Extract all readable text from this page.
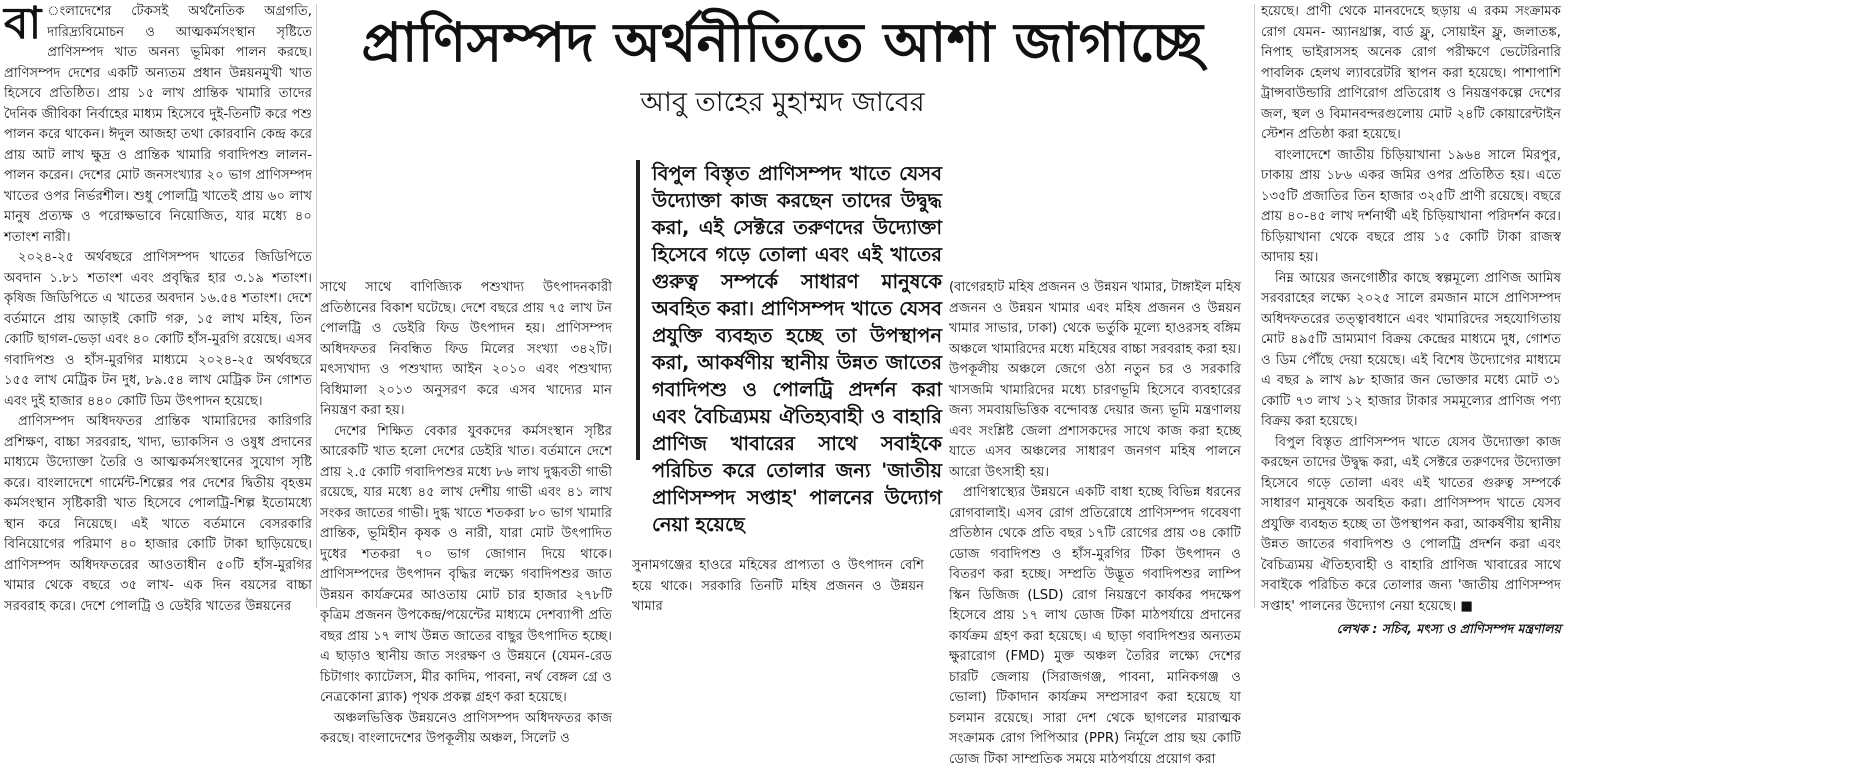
বা ংলাদেশের টেকসই অর্থনৈতিক অগ্রগতি, দারিদ্র্যবিমোচন ও আত্মকর্মসংস্থান সৃষ্টিতে প্রাণিসম্পদ খাত অনন্য ভূমিকা পালন করছে। প্রাণিসম্পদ দেশের একটি অন্যতম প্রধান উন্নয়নমুখী খাত হিসেবে প্রতিষ্ঠিত। প্রায় ১৫ লাখ প্রান্তিক খামারি তাদের দৈনিক জীবিকা নির্বাহের মাধ্যম হিসেবে দুই-তিনটি করে পশু পালন করে থাকেন। ঈদুল আজহা তথা কোরবানি কেন্দ্র করে প্রায় আট লাখ ক্ষুদ্র ও প্রান্তিক খামারি গবাদিপশু লালন-পালন করেন। দেশের মোট জনসংখ্যার ২০ ভাগ প্রাণিসম্পদ খাতের ওপর নির্ভরশীল। শুধু পোলট্রি খাতেই প্রায় ৬০ লাখ মানুষ প্রত্যক্ষ ও পরোক্ষভাবে নিয়োজিত, যার মধ্যে ৪০ শতাংশ নারী।

২০২৪-২৫ অর্থবছরে প্রাণিসম্পদ খাতের জিডিপিতে অবদান ১.৮১ শতাংশ এবং প্রবৃদ্ধির হার ৩.১৯ শতাংশ। কৃষিজ জিডিপিতে এ খাতের অবদান ১৬.৫৪ শতাংশ। দেশে বর্তমানে প্রায় আড়াই কোটি গরু, ১৫ লাখ মহিষ, তিন কোটি ছাগল-ভেড়া এবং ৪০ কোটি হাঁস-মুরগি রয়েছে। এসব গবাদিপশু ও হাঁস-মুরগির মাধ্যমে ২০২৪-২৫ অর্থবছরে ১৫৫ লাখ মেট্রিক টন দুধ, ৮৯.৫৪ লাখ মেট্রিক টন গোশত এবং দুই হাজার ৪৪০ কোটি ডিম উৎপাদন হয়েছে।

প্রাণিসম্পদ অধিদফতর প্রান্তিক খামারিদের কারিগরি প্রশিক্ষণ, বাচ্চা সরবরাহ, খাদ্য, ভ্যাকসিন ও ওষুধ প্রদানের মাধ্যমে উদ্যোক্তা তৈরি ও আত্মকর্মসংস্থানের সুযোগ সৃষ্টি করে। বাংলাদেশে গার্মেন্ট-শিল্পের পর দেশের দ্বিতীয় বৃহত্তম কর্মসংস্থান সৃষ্টিকারী খাত হিসেবে পোলট্রি-শিল্প ইতোমধ্যে স্থান করে নিয়েছে। এই খাতে বর্তমানে বেসরকারি বিনিয়োগের পরিমাণ ৪০ হাজার কোটি টাকা ছাড়িয়েছে। প্রাণিসম্পদ অধিদফতরের আওতাধীন ৫০টি হাঁস-মুরগির খামার থেকে বছরে ৩৫ লাখ- এক দিন বয়সের বাচ্চা সরবরাহ করে। দেশে পোলট্রি ও ডেইরি খাতের উন্নয়নের

প্রাণিসম্পদ অর্থনীতিতে আশা জাগাচ্ছে
আবু তাহের মুহাম্মদ জাবের

সাথে সাথে বাণিজ্যিক পশুখাদ্য উৎপাদনকারী প্রতিষ্ঠানের বিকাশ ঘটেছে। দেশে বছরে প্রায় ৭৫ লাখ টন পোলট্রি ও ডেইরি ফিড উৎপাদন হয়। প্রাণিসম্পদ অধিদফতর নিবন্ধিত ফিড মিলের সংখ্যা ৩৪২টি। মৎস্যখাদ্য ও পশুখাদ্য আইন ২০১০ এবং পশুখাদ্য বিধিমালা ২০১৩ অনুসরণ করে এসব খাদ্যের মান নিয়ন্ত্রণ করা হয়।

দেশের শিক্ষিত বেকার যুবকদের কর্মসংস্থান সৃষ্টির আরেকটি খাত হলো দেশের ডেইরি খাত। বর্তমানে দেশে প্রায় ২.৫ কোটি গবাদিপশুর মধ্যে ৮৬ লাখ দুগ্ধবতী গাভী রয়েছে, যার মধ্যে ৪৫ লাখ দেশীয় গাভী এবং ৪১ লাখ সংকর জাতের গাভী। দুগ্ধ খাতে শতকরা ৮০ ভাগ খামারি প্রান্তিক, ভূমিহীন কৃষক ও নারী, যারা মোট উৎপাদিত দুধের শতকরা ৭০ ভাগ জোগান দিয়ে থাকে। প্রাণিসম্পদের উৎপাদন বৃদ্ধির লক্ষ্যে গবাদিপশুর জাত উন্নয়ন কার্যক্রমের আওতায় মোট চার হাজার ২৭৮টি কৃত্রিম প্রজনন উপকেন্দ্র/পয়েন্টের মাধ্যমে দেশব্যাপী প্রতি বছর প্রায় ১৭ লাখ উন্নত জাতের বাছুর উৎপাদিত হচ্ছে। এ ছাড়াও স্থানীয় জাত সংরক্ষণ ও উন্নয়নে (যেমন-রেড চিটাগাং ক্যাটেলস, মীর কাদিম, পাবনা, নর্থ বেঙ্গল গ্রে ও নেত্রকোনা ব্ল্যাক) পৃথক প্রকল্প গ্রহণ করা হয়েছে।

অঞ্চলভিত্তিক উন্নয়নেও প্রাণিসম্পদ অধিদফতর কাজ করছে। বাংলাদেশের উপকূলীয় অঞ্চল, সিলেট ও

বিপুল বিস্তৃত প্রাণিসম্পদ খাতে যেসব উদ্যোক্তা কাজ করছেন তাদের উদ্বুদ্ধ করা, এই সেক্টরে তরুণদের উদ্যোক্তা হিসেবে গড়ে তোলা এবং এই খাতের গুরুত্ব সম্পর্কে সাধারণ মানুষকে অবহিত করা। প্রাণিসম্পদ খাতে যেসব প্রযুক্তি ব্যবহৃত হচ্ছে তা উপস্থাপন করা, আকর্ষণীয় স্থানীয় উন্নত জাতের গবাদিপশু ও পোলট্রি প্রদর্শন করা এবং বৈচিত্র্যময় ঐতিহ্যবাহী ও বাহারি প্রাণিজ খাবারের সাথে সবাইকে পরিচিত করে তোলার জন্য 'জাতীয় প্রাণিসম্পদ সপ্তাহ' পালনের উদ্যোগ নেয়া হয়েছে

সুনামগঞ্জের হাওরে মহিষের প্রাপ্যতা ও উৎপাদন বেশি হয়ে থাকে। সরকারি তিনটি মহিষ প্রজনন ও উন্নয়ন খামার

(বাগেরহাট মহিষ প্রজনন ও উন্নয়ন খামার, টাঙ্গাইল মহিষ প্রজনন ও উন্নয়ন খামার এবং মহিষ প্রজনন ও উন্নয়ন খামার সাভার, ঢাকা) থেকে ভর্তুকি মূল্যে হাওরসহ বঙ্গিম অঞ্চলে খামারিদের মধ্যে মহিষের বাচ্চা সরবরাহ করা হয়। উপকূলীয় অঞ্চলে জেগে ওঠা নতুন চর ও সরকারি খাসজমি খামারিদের মধ্যে চারণভূমি হিসেবে ব্যবহারের জন্য সমবায়ভিত্তিক বন্দোবস্ত দেয়ার জন্য ভূমি মন্ত্রণালয় এবং সংশ্লিষ্ট জেলা প্রশাসকদের সাথে কাজ করা হচ্ছে যাতে এসব অঞ্চলের সাধারণ জনগণ মহিষ পালনে আরো উৎসাহী হয়।

প্রাণিস্বাস্থ্যের উন্নয়নে একটি বাধা হচ্ছে বিভিন্ন ধরনের রোগবালাই। এসব রোগ প্রতিরোধে প্রাণিসম্পদ গবেষণা প্রতিষ্ঠান থেকে প্রতি বছর ১৭টি রোগের প্রায় ৩৪ কোটি ডোজ গবাদিপশু ও হাঁস-মুরগির টিকা উৎপাদন ও বিতরণ করা হচ্ছে। সম্প্রতি উদ্ভূত গবাদিপশুর লাম্পি স্কিন ডিজিজ (LSD) রোগ নিয়ন্ত্রণে কার্যকর পদক্ষেপ হিসেবে প্রায় ১৭ লাখ ডোজ টিকা মাঠপর্যায়ে প্রদানের কার্যক্রম গ্রহণ করা হয়েছে। এ ছাড়া গবাদিপশুর অন্যতম ক্ষুরারোগ (FMD) মুক্ত অঞ্চল তৈরির লক্ষ্যে দেশের চারটি জেলায় (সিরাজগঞ্জ, পাবনা, মানিকগঞ্জ ও ভোলা) টিকাদান কার্যক্রম সম্প্রসারণ করা হয়েছে যা চলমান রয়েছে। সারা দেশ থেকে ছাগলের মারাত্মক সংক্রামক রোগ পিপিআর (PPR) নির্মূলে প্রায় ছয় কোটি ডোজ টিকা সাম্প্রতিক সময়ে মাঠপর্যায়ে প্রয়োগ করা

হয়েছে। প্রাণী থেকে মানবদেহে ছড়ায় এ রকম সংক্রামক রোগ যেমন- অ্যানথ্রাক্স, বার্ড ফ্লু, সোয়াইন ফ্লু, জলাতঙ্ক, নিপাহ ভাইরাসসহ অনেক রোগ পরীক্ষণে ভেটেরিনারি পাবলিক হেলথ ল্যাবরেটরি স্থাপন করা হয়েছে। পাশাপাশি ট্রান্সবাউন্ডারি প্রাণিরোগ প্রতিরোধ ও নিয়ন্ত্রণকল্পে দেশের জল, স্থল ও বিমানবন্দরগুলোয় মোট ২৪টি কোয়ারেন্টাইন স্টেশন প্রতিষ্ঠা করা হয়েছে।

বাংলাদেশে জাতীয় চিড়িয়াখানা ১৯৬৪ সালে মিরপুর, ঢাকায় প্রায় ১৮৬ একর জমির ওপর প্রতিষ্ঠিত হয়। এতে ১৩৫টি প্রজাতির তিন হাজার ৩২৫টি প্রাণী রয়েছে। বছরে প্রায় ৪০-৪৫ লাখ দর্শনার্থী এই চিড়িয়াখানা পরিদর্শন করে। চিড়িয়াখানা থেকে বছরে প্রায় ১৫ কোটি টাকা রাজস্ব আদায় হয়।

নিম্ন আয়ের জনগোষ্ঠীর কাছে স্বল্পমূল্যে প্রাণিজ আমিষ সরবরাহের লক্ষ্যে ২০২৫ সালে রমজান মাসে প্রাণিসম্পদ অধিদফতরের তত্ত্বাবধানে এবং খামারিদের সহযোগিতায় মোট ৪৯৫টি ভ্রাম্যমাণ বিক্রয় কেন্দ্রের মাধ্যমে দুধ, গোশত ও ডিম পৌঁছে দেয়া হয়েছে। এই বিশেষ উদ্যোগের মাধ্যমে এ বছর ৯ লাখ ৯৮ হাজার জন ভোক্তার মধ্যে মোট ৩১ কোটি ৭৩ লাখ ১২ হাজার টাকার সমমূল্যের প্রাণিজ পণ্য বিক্রয় করা হয়েছে।

বিপুল বিস্তৃত প্রাণিসম্পদ খাতে যেসব উদ্যোক্তা কাজ করছেন তাদের উদ্বুদ্ধ করা, এই সেক্টরে তরুণদের উদ্যোক্তা হিসেবে গড়ে তোলা এবং এই খাতের গুরুত্ব সম্পর্কে সাধারণ মানুষকে অবহিত করা। প্রাণিসম্পদ খাতে যেসব প্রযুক্তি ব্যবহৃত হচ্ছে তা উপস্থাপন করা, আকর্ষণীয় স্থানীয় উন্নত জাতের গবাদিপশু ও পোলট্রি প্রদর্শন করা এবং বৈচিত্র্যময় ঐতিহ্যবাহী ও বাহারি প্রাণিজ খাবারের সাথে সবাইকে পরিচিত করে তোলার জন্য 'জাতীয় প্রাণিসম্পদ সপ্তাহ' পালনের উদ্যোগ নেয়া হয়েছে। ■

লেখক : সচিব, মৎস্য ও প্রাণিসম্পদ মন্ত্রণালয়
